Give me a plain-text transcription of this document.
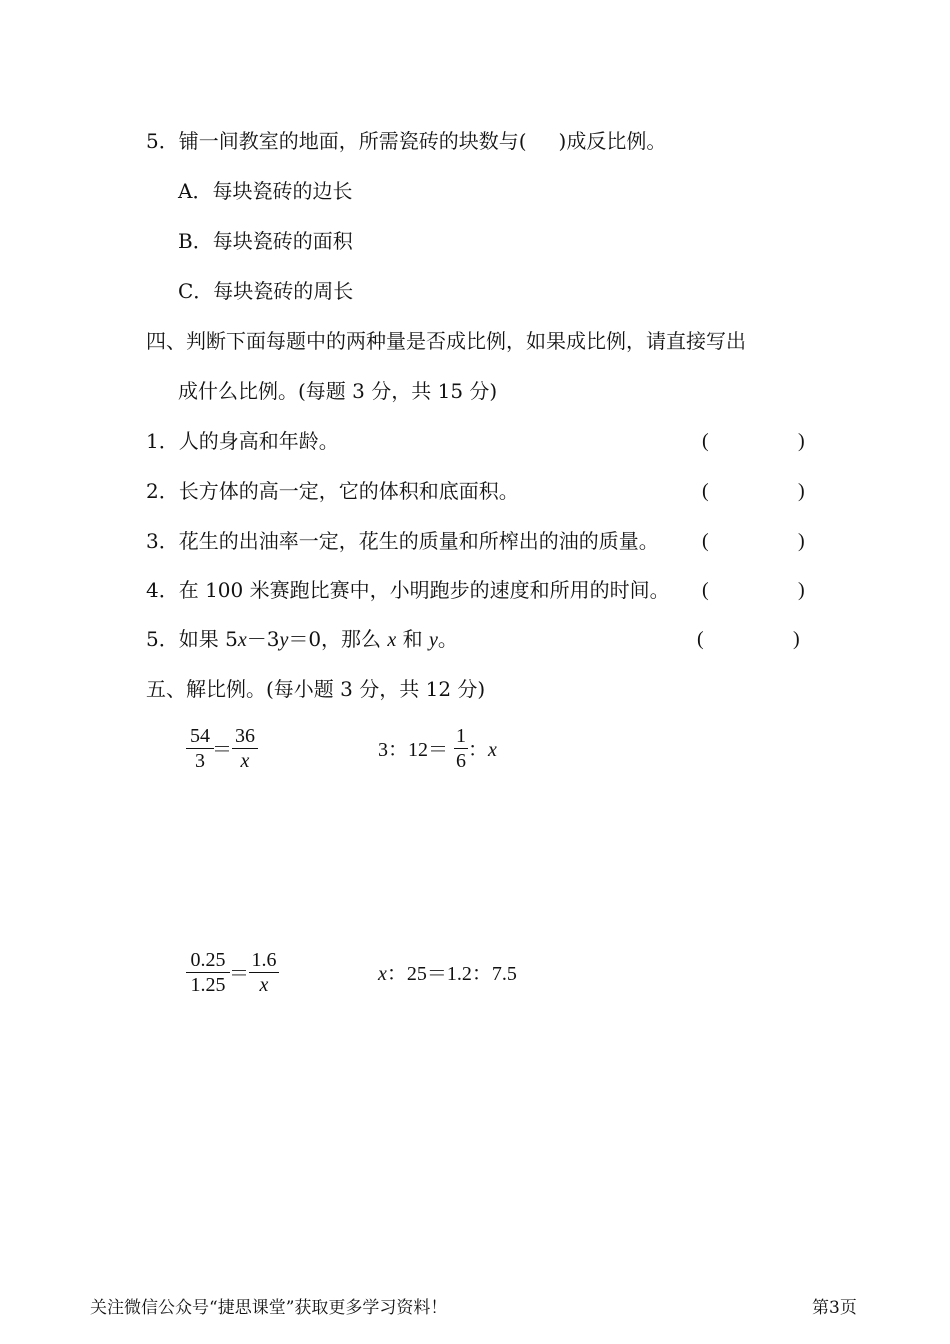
5．铺一间教室的地面，所需瓷砖的块数与( )成反比例。
A．每块瓷砖的边长
B．每块瓷砖的面积
C．每块瓷砖的周长
四、判断下面每题中的两种量是否成比例，如果成比例，请直接写出
成什么比例。(每题 3 分，共 15 分)
1．人的身高和年龄。	(	)
2．长方体的高一定，它的体积和底面积。	(	)
3．花生的出油率一定，花生的质量和所榨出的油的质量。 (	)
4．在 100 米赛跑比赛中，小明跑步的速度和所用的时间。 (	)
5．如果 5x－3y＝0，那么 x 和 y。	(	)
五、解比例。(每小题 3 分，共 12 分)
54
3 ＝
36
x	3：12＝
1
6 ：x
0.25
1.25 ＝
1.6
x	x：25＝1.2：7.5
关注微信公众号“捷思课堂”获取更多学习资料！	第3页
